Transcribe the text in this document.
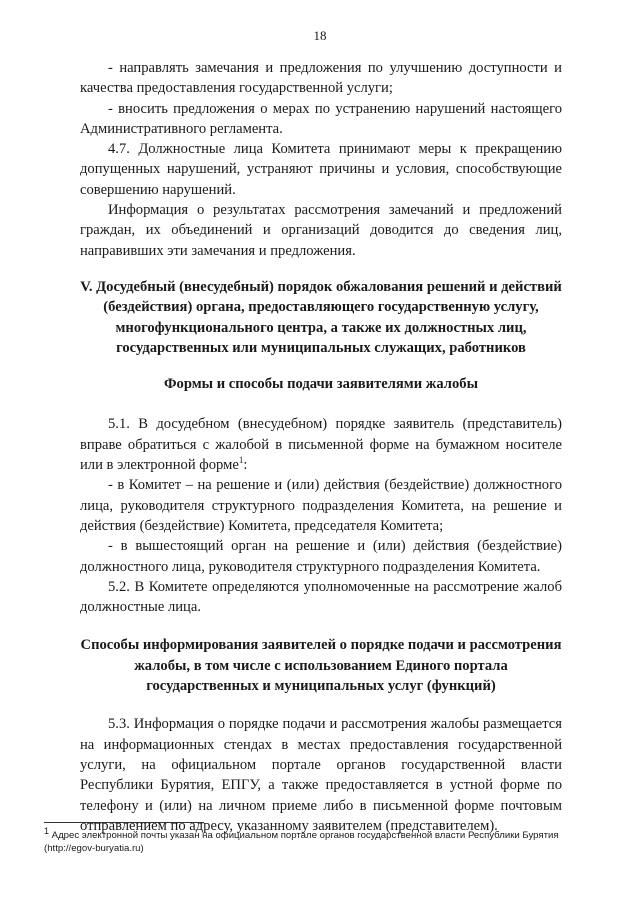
18

- направлять замечания и предложения по улучшению доступности и качества предоставления государственной услуги;

- вносить предложения о мерах по устранению нарушений настоящего Административного регламента.

4.7. Должностные лица Комитета принимают меры к прекращению допущенных нарушений, устраняют причины и условия, способствующие совершению нарушений.

Информация о результатах рассмотрения замечаний и предложений граждан, их объединений и организаций доводится до сведения лиц, направивших эти замечания и предложения.

V. Досудебный (внесудебный) порядок обжалования решений и действий (бездействия) органа, предоставляющего государственную услугу, многофункционального центра, а также их должностных лиц, государственных или муниципальных служащих, работников
Формы и способы подачи заявителями жалобы

5.1. В досудебном (внесудебном) порядке заявитель (представитель) вправе обратиться с жалобой в письменной форме на бумажном носителе или в электронной форме$^1$:

- в Комитет – на решение и (или) действия (бездействие) должностного лица, руководителя структурного подразделения Комитета, на решение и действия (бездействие) Комитета, председателя Комитета;

- в вышестоящий орган на решение и (или) действия (бездействие) должностного лица, руководителя структурного подразделения Комитета.

5.2. В Комитете определяются уполномоченные на рассмотрение жалоб должностные лица.

Способы информирования заявителей о порядке подачи и рассмотрения жалобы, в том числе с использованием Единого портала государственных и муниципальных услуг (функций)

5.3. Информация о порядке подачи и рассмотрения жалобы размещается на информационных стендах в местах предоставления государственной услуги, на официальном портале органов государственной власти Республики Бурятия, ЕПГУ, а также предоставляется в устной форме по телефону и (или) на личном приеме либо в письменной форме почтовым отправлением по адресу, указанному заявителем (представителем).

$^1$ Адрес электронной почты указан на официальном портале органов государственной власти Республики Бурятия (http://egov-buryatia.ru)
